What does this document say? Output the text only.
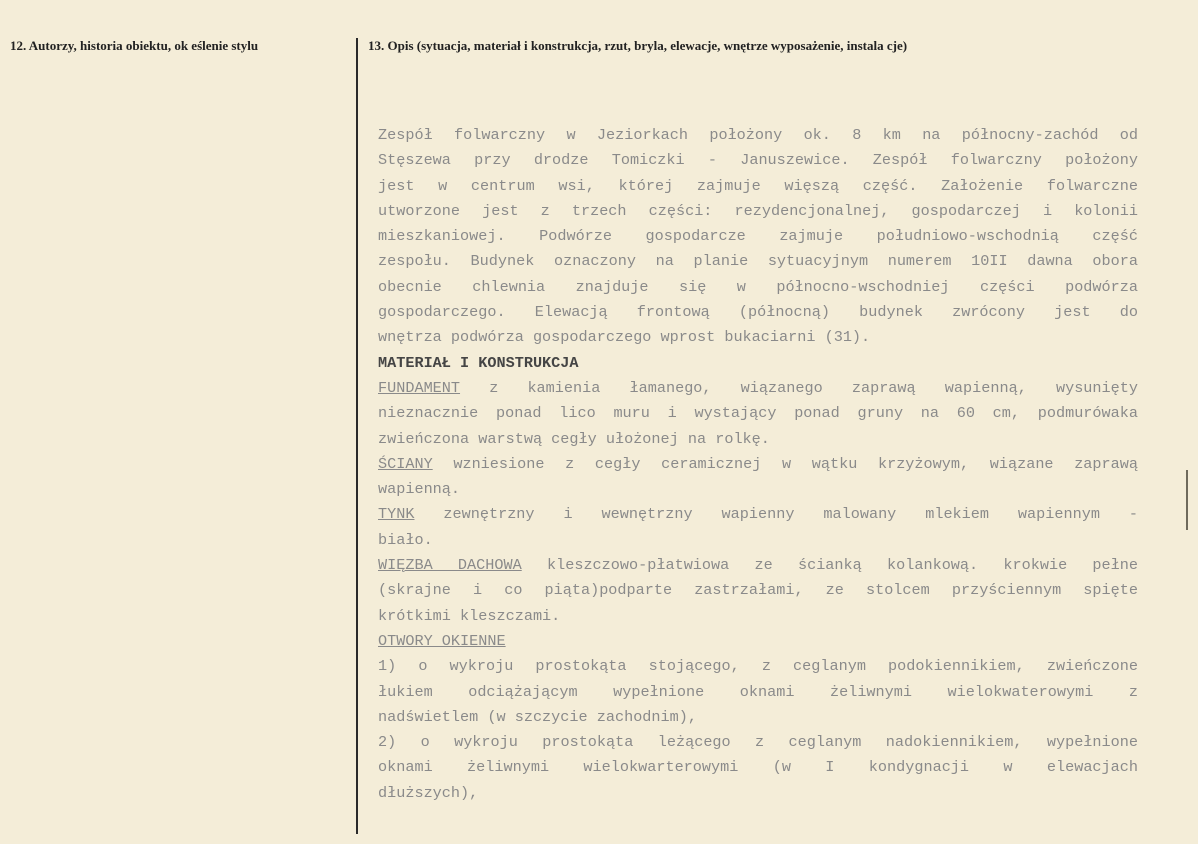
12. Autorzy, historia obiektu, ok eślenie stylu	13. Opis (sytuacja, materiał i konstrukcja, rzut, bryla, elewacje, wnętrze wyposażenie, instala cje)
Zespół folwarczny w Jeziorkach położony ok. 8 km na północny-zachód od
Stęszewa przy drodze Tomiczki - Januszewice. Zespół folwarczny położony
jest w centrum wsi, której zajmuje więszą część. Założenie folwarczne
utworzone jest z trzech części: rezydencjonalnej, gospodarczej i kolonii
mieszkaniowej. Podwórze gospodarcze zajmuje południowo-wschodnią część
zespołu. Budynek oznaczony na planie sytuacyjnym numerem 10II dawna obora
obecnie chlewnia znajduje się w północno-wschodniej części podwórza
gospodarczego. Elewacją frontową (północną) budynek zwrócony jest do
wnętrza podwórza gospodarczego wprost bukaciarni (31).
MATERIAŁ I KONSTRUKCJA
FUNDAMENT z kamienia łamanego, wiązanego zaprawą wapienną, wysunięty
nieznacznie ponad lico muru i wystający ponad gruny na 60 cm, podmurówaka
zwieńczona warstwą cegły ułożonej na rolkę.
ŚCIANY wzniesione z cegły ceramicznej w wątku krzyżowym, wiązane zaprawą
wapienną.
TYNK zewnętrzny i wewnętrzny wapienny malowany mlekiem wapiennym -
biało.
WIĘZBA DACHOWA kleszczowo-płatwiowa ze ścianką kolankową. krokwie pełne
(skrajne i co piąta)podparte zastrzałami, ze stolcem przyściennym spięte
krótkimi kleszczami.
OTWORY OKIENNE
1) o wykroju prostokąta stojącego, z ceglanym podokiennikiem, zwieńczone
łukiem odciążającym wypełnione oknami żeliwnymi wielokwaterowymi z
nadświetlem (w szczycie zachodnim),
2) o wykroju prostokąta leżącego z ceglanym nadokiennikiem, wypełnione
oknami żeliwnymi wielokwarterowymi (w I kondygnacji w elewacjach
dłuższych),
